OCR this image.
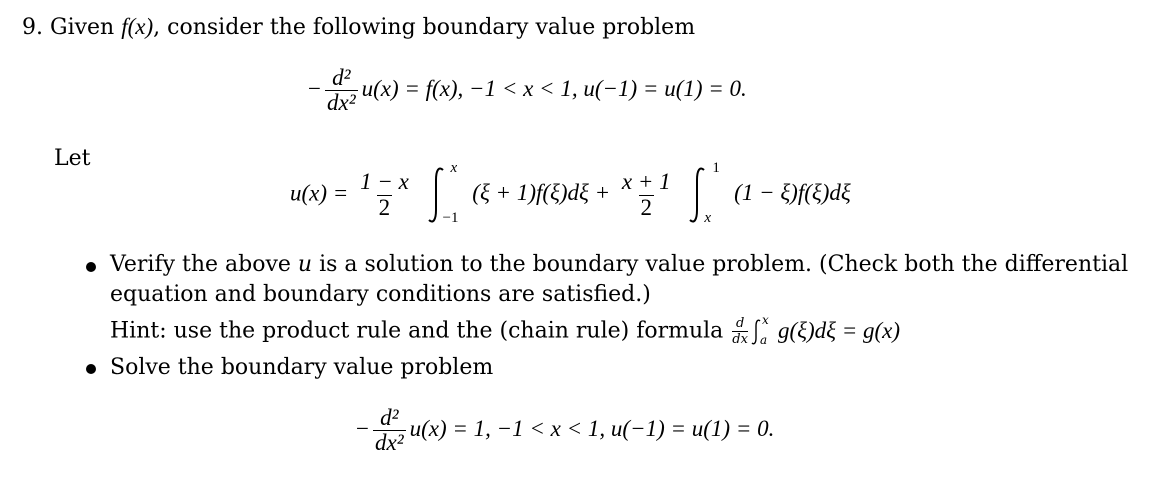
9. Given f(x), consider the following boundary value problem
− $\frac{\text{d²}}{\text{dx²}} u(x) = f(x)$, −1 < x < 1, u(−1) = u(1) = 0.
Let
$u(x) = \frac{1 - x}{2}$

x
−1
$(\xi + 1)f(\xi)d\xi + \frac{x + 1}{2}$

1
x
(1 − ξ)f(ξ)dξ
Verify the above u is a solution to the boundary value problem. (Check both the differential
equation and boundary conditions are satisfied.)
Hint: use the product rule and the (chain rule) formula $\frac{d}{dx}$ x
a g(ξ)dξ = g(x)
Solve the boundary value problem
− $\frac{\text{d²}}{\text{dx²}} u(x) = 1$, −1 < x < 1, u(−1) = u(1) = 0.
